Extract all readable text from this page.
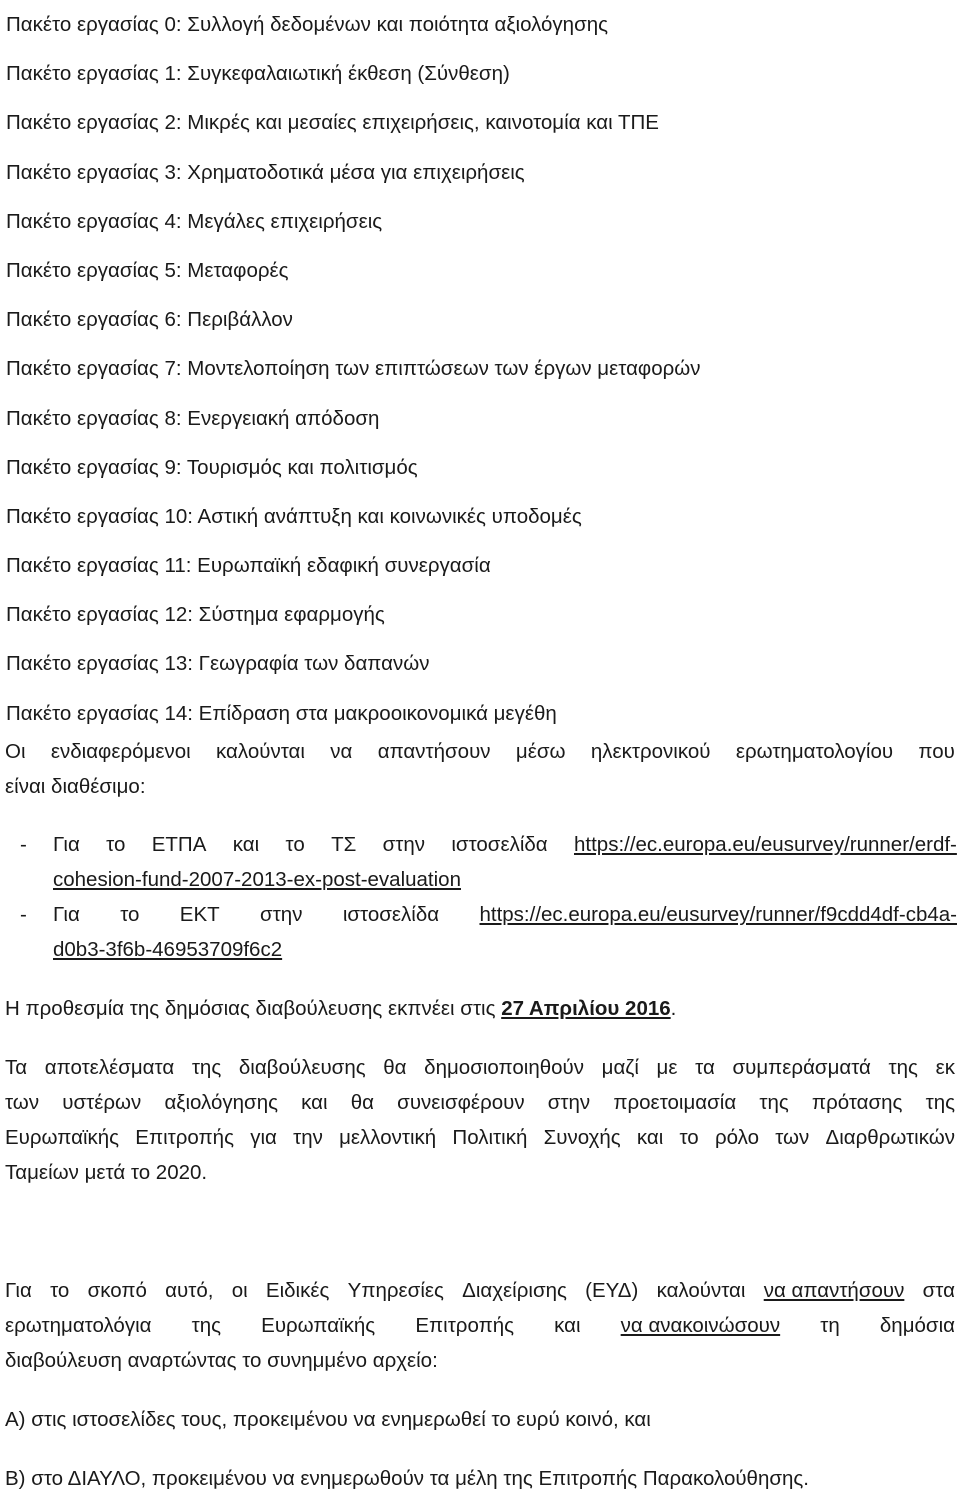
Πακέτο εργασίας 0: Συλλογή δεδομένων και ποιότητα αξιολόγησης
Πακέτο εργασίας 1: Συγκεφαλαιωτική έκθεση (Σύνθεση)
Πακέτο εργασίας 2: Μικρές και μεσαίες επιχειρήσεις, καινοτομία και ΤΠΕ
Πακέτο εργασίας 3: Χρηματοδοτικά μέσα για επιχειρήσεις
Πακέτο εργασίας 4: Μεγάλες επιχειρήσεις
Πακέτο εργασίας 5: Μεταφορές
Πακέτο εργασίας 6: Περιβάλλον
Πακέτο εργασίας 7: Μοντελοποίηση των επιπτώσεων των έργων μεταφορών
Πακέτο εργασίας 8: Ενεργειακή απόδοση
Πακέτο εργασίας 9: Τουρισμός και πολιτισμός
Πακέτο εργασίας 10: Αστική ανάπτυξη και κοινωνικές υποδομές
Πακέτο εργασίας 11: Ευρωπαϊκή εδαφική συνεργασία
Πακέτο εργασίας 12: Σύστημα εφαρμογής
Πακέτο εργασίας 13: Γεωγραφία των δαπανών
Πακέτο εργασίας 14: Επίδραση στα μακροοικονομικά μεγέθη
Οι ενδιαφερόμενοι καλούνται να απαντήσουν μέσω ηλεκτρονικού ερωτηματολογίου που
είναι διαθέσιμο:
-	Για το ΕΤΠΑ και το ΤΣ στην ιστοσελίδα https://ec.europa.eu/eusurvey/runner/erdf-
cohesion-fund-2007-2013-ex-post-evaluation
-	Για το ΕΚΤ στην ιστοσελίδα https://ec.europa.eu/eusurvey/runner/f9cdd4df-cb4a-
d0b3-3f6b-46953709f6c2
Η προθεσμία της δημόσιας διαβούλευσης εκπνέει στις 27 Απριλίου 2016.
Τα αποτελέσματα της διαβούλευσης θα δημοσιοποιηθούν μαζί με τα συμπεράσματά της εκ
των υστέρων αξιολόγησης και θα συνεισφέρουν στην προετοιμασία της πρότασης της
Ευρωπαϊκής Επιτροπής για την μελλοντική Πολιτική Συνοχής και το ρόλο των Διαρθρωτικών
Ταμείων μετά το 2020.
Για το σκοπό αυτό, οι Ειδικές Υπηρεσίες Διαχείρισης (ΕΥΔ) καλούνται να απαντήσουν στα
ερωτηματολόγια της Ευρωπαϊκής Επιτροπής και να ανακοινώσουν τη δημόσια
διαβούλευση αναρτώντας το συνημμένο αρχείο:
Α) στις ιστοσελίδες τους, προκειμένου να ενημερωθεί το ευρύ κοινό, και
Β) στο ΔΙΑΥΛΟ, προκειμένου να ενημερωθούν τα μέλη της Επιτροπής Παρακολούθησης.
